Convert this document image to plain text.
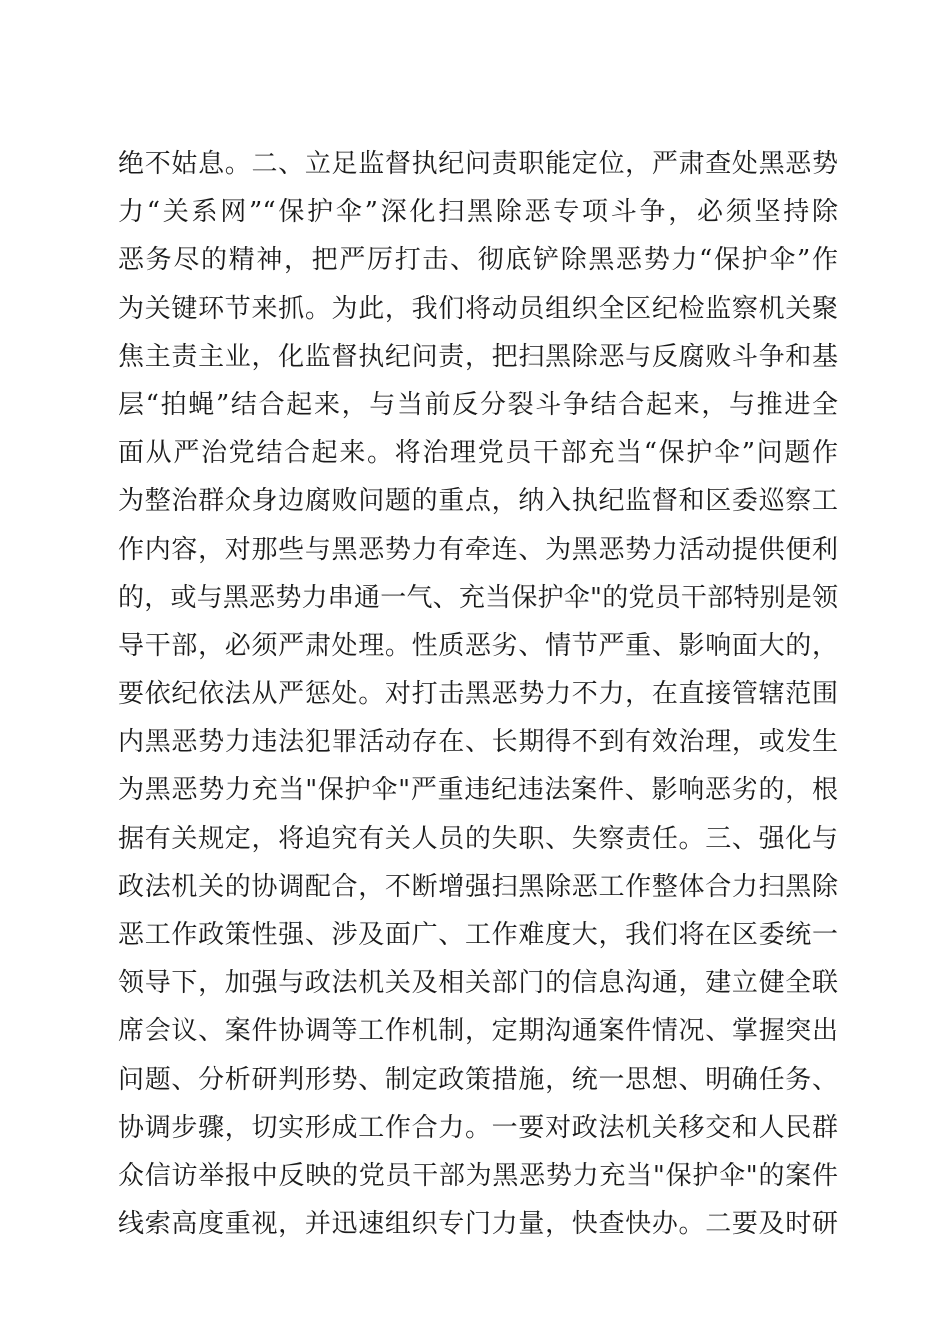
绝不姑息。二、立足监督执纪问责职能定位，严肃查处黑恶势
力“关系网”“保护伞”深化扫黑除恶专项斗争，必须坚持除
恶务尽的精神，把严厉打击、彻底铲除黑恶势力“保护伞”作
为关键环节来抓。为此，我们将动员组织全区纪检监察机关聚
焦主责主业，化监督执纪问责，把扫黑除恶与反腐败斗争和基
层“拍蝇”结合起来，与当前反分裂斗争结合起来，与推进全
面从严治党结合起来。将治理党员干部充当“保护伞”问题作
为整治群众身边腐败问题的重点，纳入执纪监督和区委巡察工
作内容，对那些与黑恶势力有牵连、为黑恶势力活动提供便利
的，或与黑恶势力串通一气、充当保护伞"的党员干部特别是领
导干部，必须严肃处理。性质恶劣、情节严重、影响面大的，
要依纪依法从严惩处。对打击黑恶势力不力，在直接管辖范围
内黑恶势力违法犯罪活动存在、长期得不到有效治理，或发生
为黑恶势力充当"保护伞"严重违纪违法案件、影响恶劣的，根
据有关规定，将追究有关人员的失职、失察责任。三、强化与
政法机关的协调配合，不断增强扫黑除恶工作整体合力扫黑除
恶工作政策性强、涉及面广、工作难度大，我们将在区委统一
领导下，加强与政法机关及相关部门的信息沟通，建立健全联
席会议、案件协调等工作机制，定期沟通案件情况、掌握突出
问题、分析研判形势、制定政策措施，统一思想、明确任务、
协调步骤，切实形成工作合力。一要对政法机关移交和人民群
众信访举报中反映的党员干部为黑恶势力充当"保护伞"的案件
线索高度重视，并迅速组织专门力量，快查快办。二要及时研
